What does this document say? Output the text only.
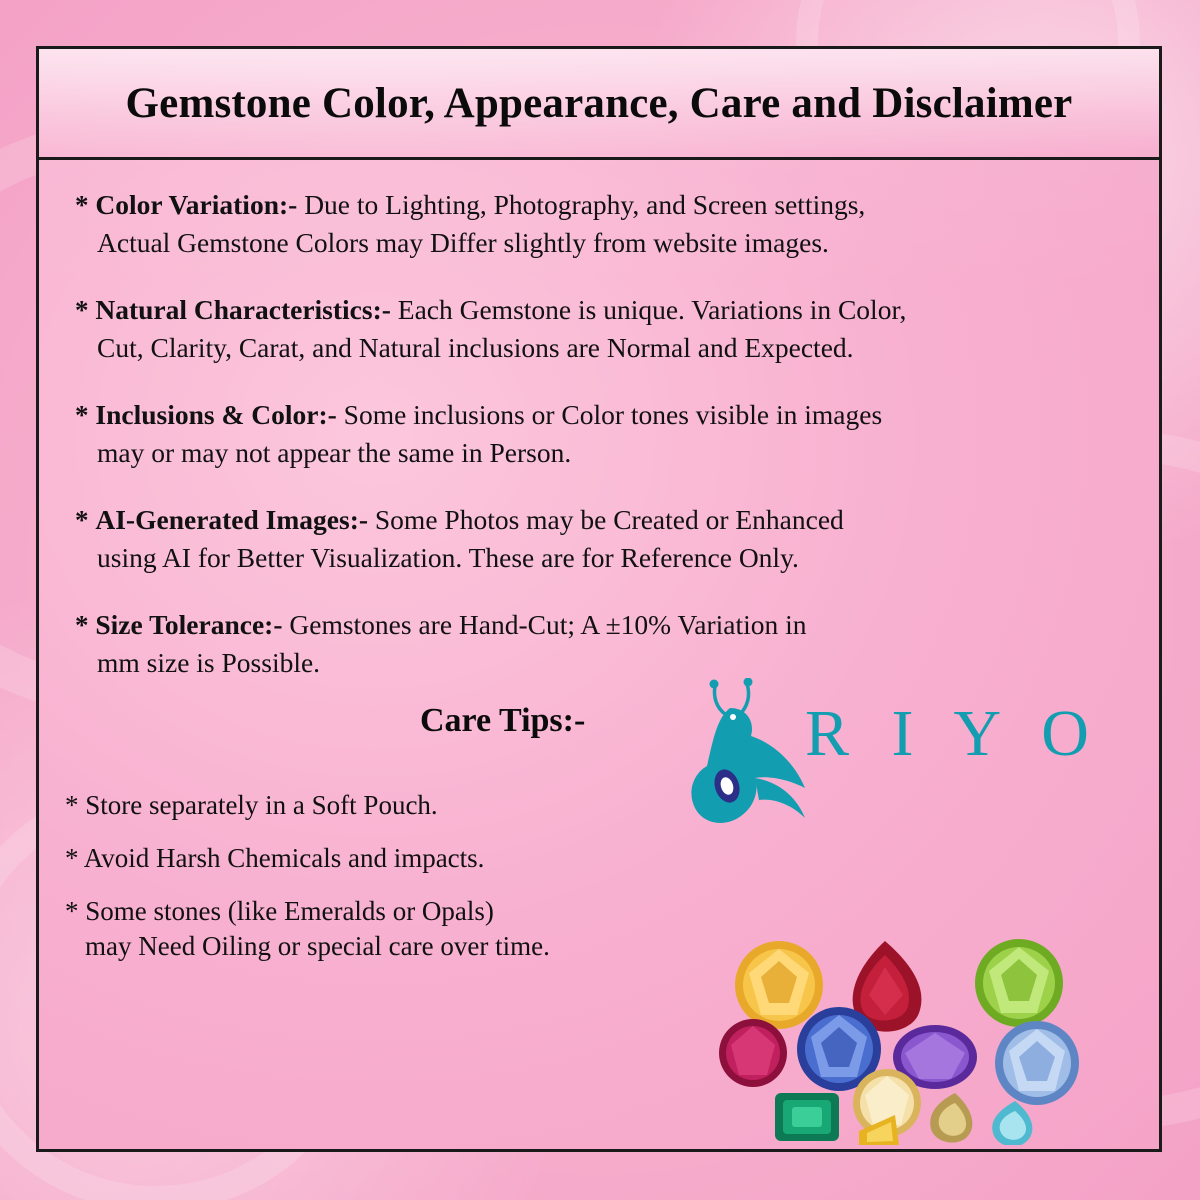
Gemstone Color, Appearance, Care and Disclaimer

* Color Variation:- Due to Lighting, Photography, and Screen settings,
Actual Gemstone Colors may Differ slightly from website images.

* Natural Characteristics:- Each Gemstone is unique. Variations in Color,
Cut, Clarity, Carat, and Natural inclusions are Normal and Expected.

* Inclusions & Color:- Some inclusions or Color tones visible in images
may or may not appear the same in Person.

* AI-Generated Images:- Some Photos may be Created or Enhanced
using AI for Better Visualization. These are for Reference Only.

* Size Tolerance:- Gemstones are Hand-Cut; A ±10% Variation in
mm size is Possible.

Care Tips:-	R I Y O
* Store separately in a Soft Pouch.
* Avoid Harsh Chemicals and impacts.
* Some stones (like Emeralds or Opals)
may Need Oiling or special care over time.
